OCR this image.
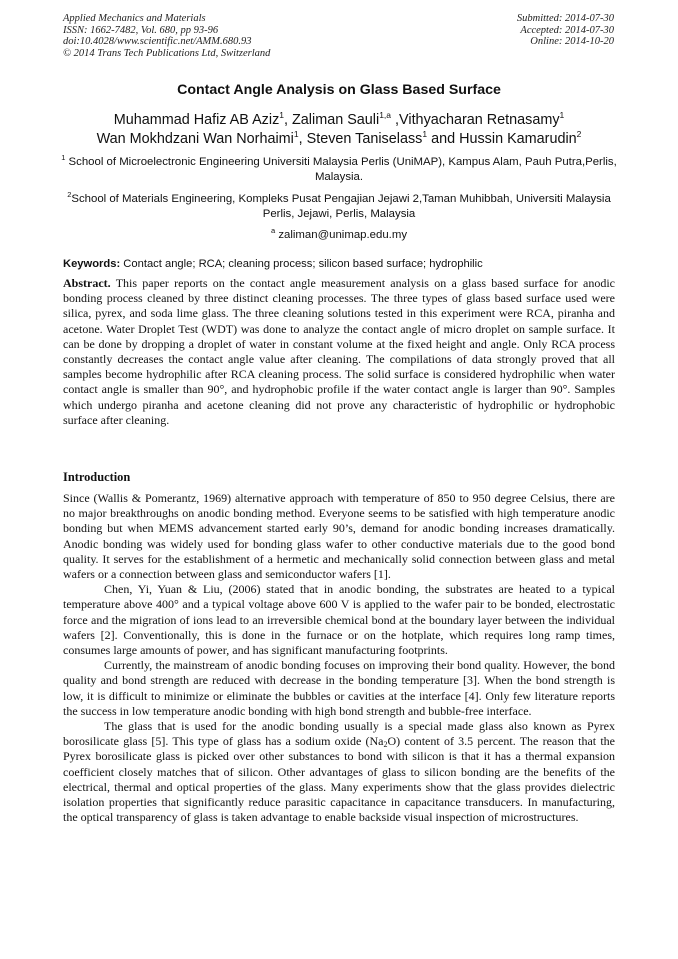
Applied Mechanics and Materials
ISSN: 1662-7482, Vol. 680, pp 93-96
doi:10.4028/www.scientific.net/AMM.680.93
© 2014 Trans Tech Publications Ltd, Switzerland
Submitted: 2014-07-30
Accepted: 2014-07-30
Online: 2014-10-20
Contact Angle Analysis on Glass Based Surface
Muhammad Hafiz AB Aziz$^1$, Zaliman Sauli$^{1,a}$ ,Vithyacharan Retnasamy$^1$
Wan Mokhdzani Wan Norhaimi$^1$, Steven Taniselass$^1$ and Hussin Kamarudin$^2$
$^1$ School of Microelectronic Engineering Universiti Malaysia Perlis (UniMAP), Kampus Alam, Pauh Putra,Perlis, Malaysia.
$^2$School of Materials Engineering, Kompleks Pusat Pengajian Jejawi 2,Taman Muhibbah, Universiti Malaysia Perlis, Jejawi, Perlis, Malaysia
$^a$ zaliman@unimap.edu.my
Keywords: Contact angle; RCA; cleaning process; silicon based surface; hydrophilic
Abstract. This paper reports on the contact angle measurement analysis on a glass based surface for anodic bonding process cleaned by three distinct cleaning processes. The three types of glass based surface used were silica, pyrex, and soda lime glass. The three cleaning solutions tested in this experiment were RCA, piranha and acetone. Water Droplet Test (WDT) was done to analyze the contact angle of micro droplet on sample surface. It can be done by dropping a droplet of water in constant volume at the fixed height and angle. Only RCA process constantly decreases the contact angle value after cleaning. The compilations of data strongly proved that all samples become hydrophilic after RCA cleaning process. The solid surface is considered hydrophilic when water contact angle is smaller than 90°, and hydrophobic profile if the water contact angle is larger than 90°. Samples which undergo piranha and acetone cleaning did not prove any characteristic of hydrophilic or hydrophobic surface after cleaning.
Introduction

Since (Wallis & Pomerantz, 1969) alternative approach with temperature of 850 to 950 degree Celsius, there are no major breakthroughs on anodic bonding method. Everyone seems to be satisfied with high temperature anodic bonding but when MEMS advancement started early 90’s, demand for anodic bonding increases dramatically. Anodic bonding was widely used for bonding glass wafer to other conductive materials due to the good bond quality. It serves for the establishment of a hermetic and mechanically solid connection between glass and metal wafers or a connection between glass and semiconductor wafers [1].

Chen, Yi, Yuan & Liu, (2006) stated that in anodic bonding, the substrates are heated to a typical temperature above 400° and a typical voltage above 600 V is applied to the wafer pair to be bonded, electrostatic force and the migration of ions lead to an irreversible chemical bond at the boundary layer between the individual wafers [2]. Conventionally, this is done in the furnace or on the hotplate, which requires long ramp times, consumes large amounts of power, and has significant manufacturing footprints.

Currently, the mainstream of anodic bonding focuses on improving their bond quality. However, the bond quality and bond strength are reduced with decrease in the bonding temperature [3]. When the bond strength is low, it is difficult to minimize or eliminate the bubbles or cavities at the interface [4]. Only few literature reports the success in low temperature anodic bonding with high bond strength and bubble-free interface.

The glass that is used for the anodic bonding usually is a special made glass also known as Pyrex borosilicate glass [5]. This type of glass has a sodium oxide $(Na_2O)$ content of 3.5 percent. The reason that the Pyrex borosilicate glass is picked over other substances to bond with silicon is that it has a thermal expansion coefficient closely matches that of silicon. Other advantages of glass to silicon bonding are the benefits of the electrical, thermal and optical properties of the glass. Many experiments show that the glass provides dielectric isolation properties that significantly reduce parasitic capacitance in capacitance transducers. In manufacturing, the optical transparency of glass is taken advantage to enable backside visual inspection of microstructures.
